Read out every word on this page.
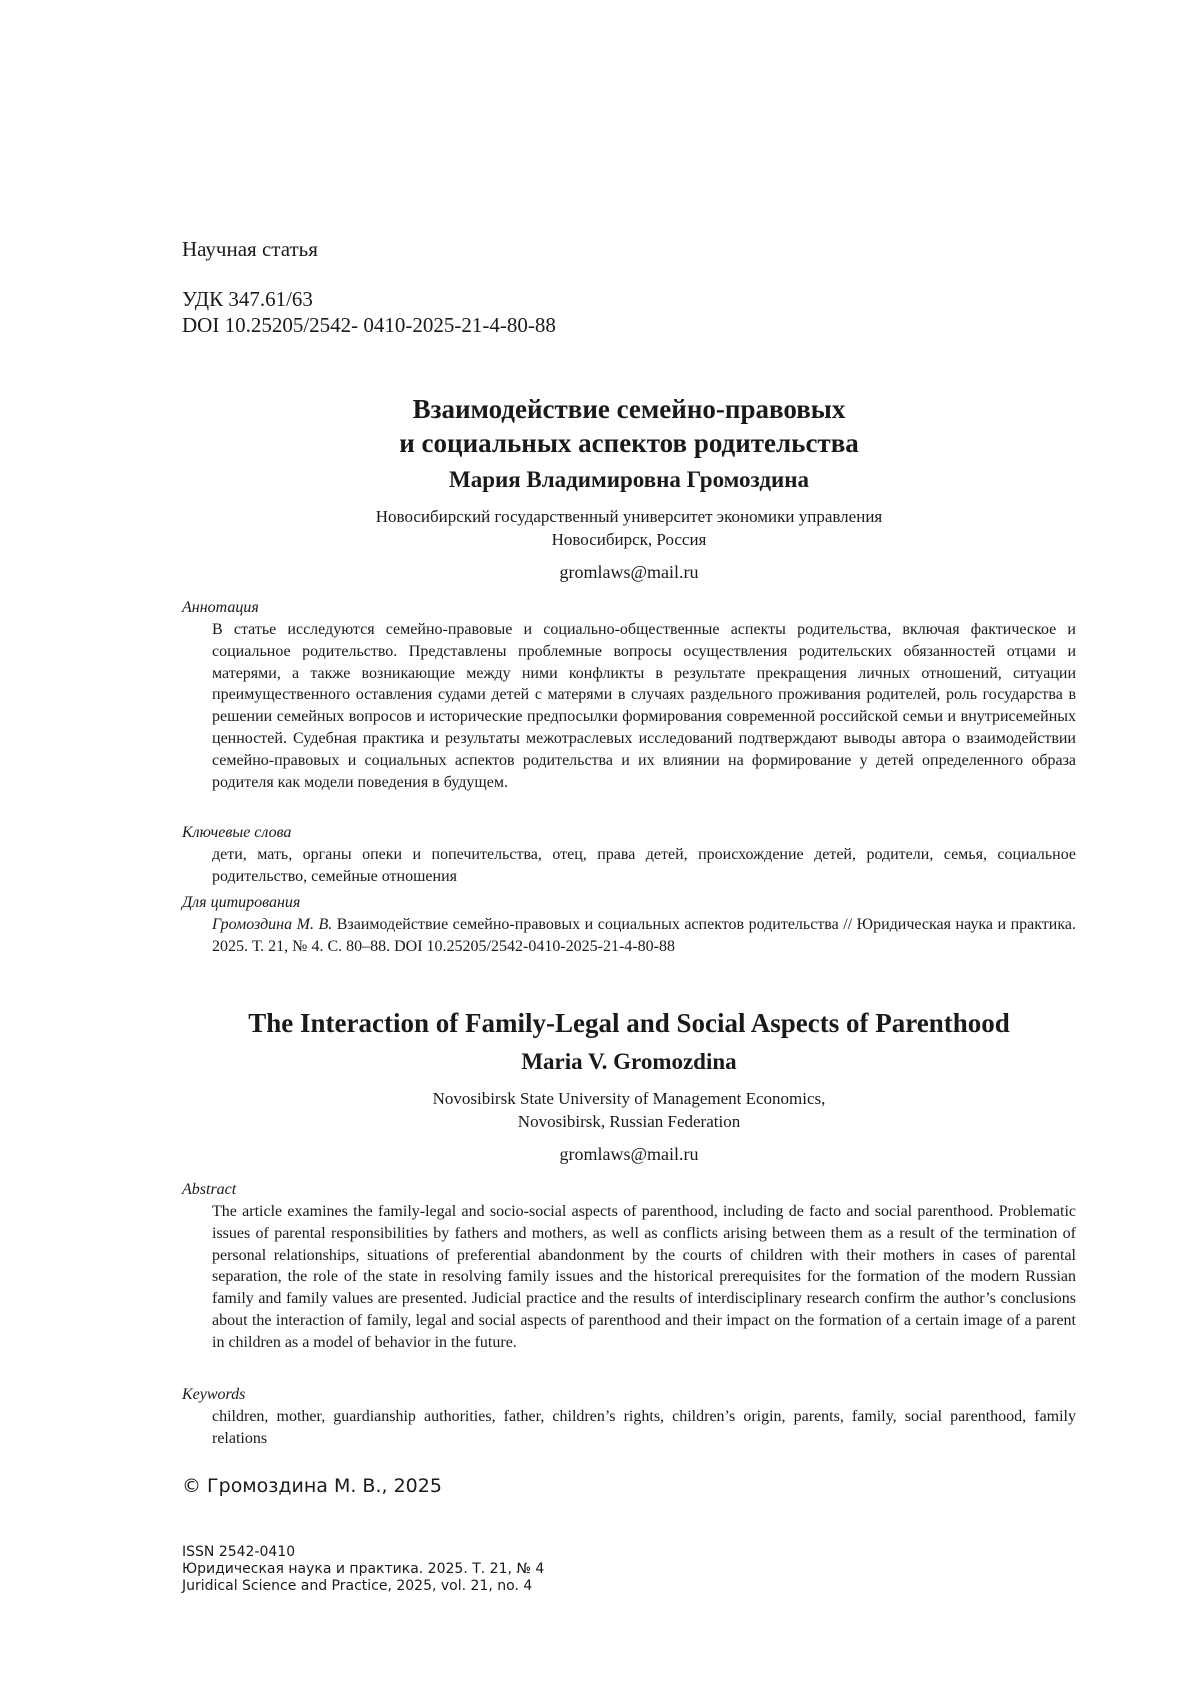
Научная статья
УДК 347.61/63
DOI 10.25205/2542- 0410-2025-21-4-80-88
Взаимодействие семейно-правовых
и социальных аспектов родительства
Мария Владимировна Громоздина
Новосибирский государственный университет экономики управления
Новосибирск, Россия
gromlaws@mail.ru
Аннотация
В статье исследуются семейно-правовые и социально-общественные аспекты родительства, включая фактическое и социальное родительство. Представлены проблемные вопросы осуществления родительских обязанностей отцами и матерями, а также возникающие между ними конфликты в результате прекращения личных отношений, ситуации преимущественного оставления судами детей с матерями в случаях раздельного проживания родителей, роль государства в решении семейных вопросов и исторические предпосылки формирования современной российской семьи и внутрисемейных ценностей. Судебная практика и результаты межотраслевых исследований подтверждают выводы автора о взаимодействии семейно-правовых и социальных аспектов родительства и их влиянии на формирование у детей определенного образа родителя как модели поведения в будущем.
Ключевые слова
дети, мать, органы опеки и попечительства, отец, права детей, происхождение детей, родители, семья, социальное родительство, семейные отношения
Для цитирования
Громоздина М. В. Взаимодействие семейно-правовых и социальных аспектов родительства // Юридическая наука и практика. 2025. Т. 21, № 4. С. 80–88. DOI 10.25205/2542-0410-2025-21-4-80-88
The Interaction of Family-Legal and Social Aspects of Parenthood
Maria V. Gromozdina
Novosibirsk State University of Management Economics,
Novosibirsk, Russian Federation
gromlaws@mail.ru
Abstract
The article examines the family-legal and socio-social aspects of parenthood, including de facto and social parenthood. Problematic issues of parental responsibilities by fathers and mothers, as well as conflicts arising between them as a result of the termination of personal relationships, situations of preferential abandonment by the courts of children with their mothers in cases of parental separation, the role of the state in resolving family issues and the historical prerequisites for the formation of the modern Russian family and family values are presented. Judicial practice and the results of interdisciplinary research confirm the author’s conclusions about the interaction of family, legal and social aspects of parenthood and their impact on the formation of a certain image of a parent in children as a model of behavior in the future.
Keywords
children, mother, guardianship authorities, father, children’s rights, children’s origin, parents, family, social parenthood, family relations
© Громоздина М. В., 2025
ISSN 2542-0410
Юридическая наука и практика. 2025. Т. 21, № 4
Juridical Science and Practice, 2025, vol. 21, no. 4
